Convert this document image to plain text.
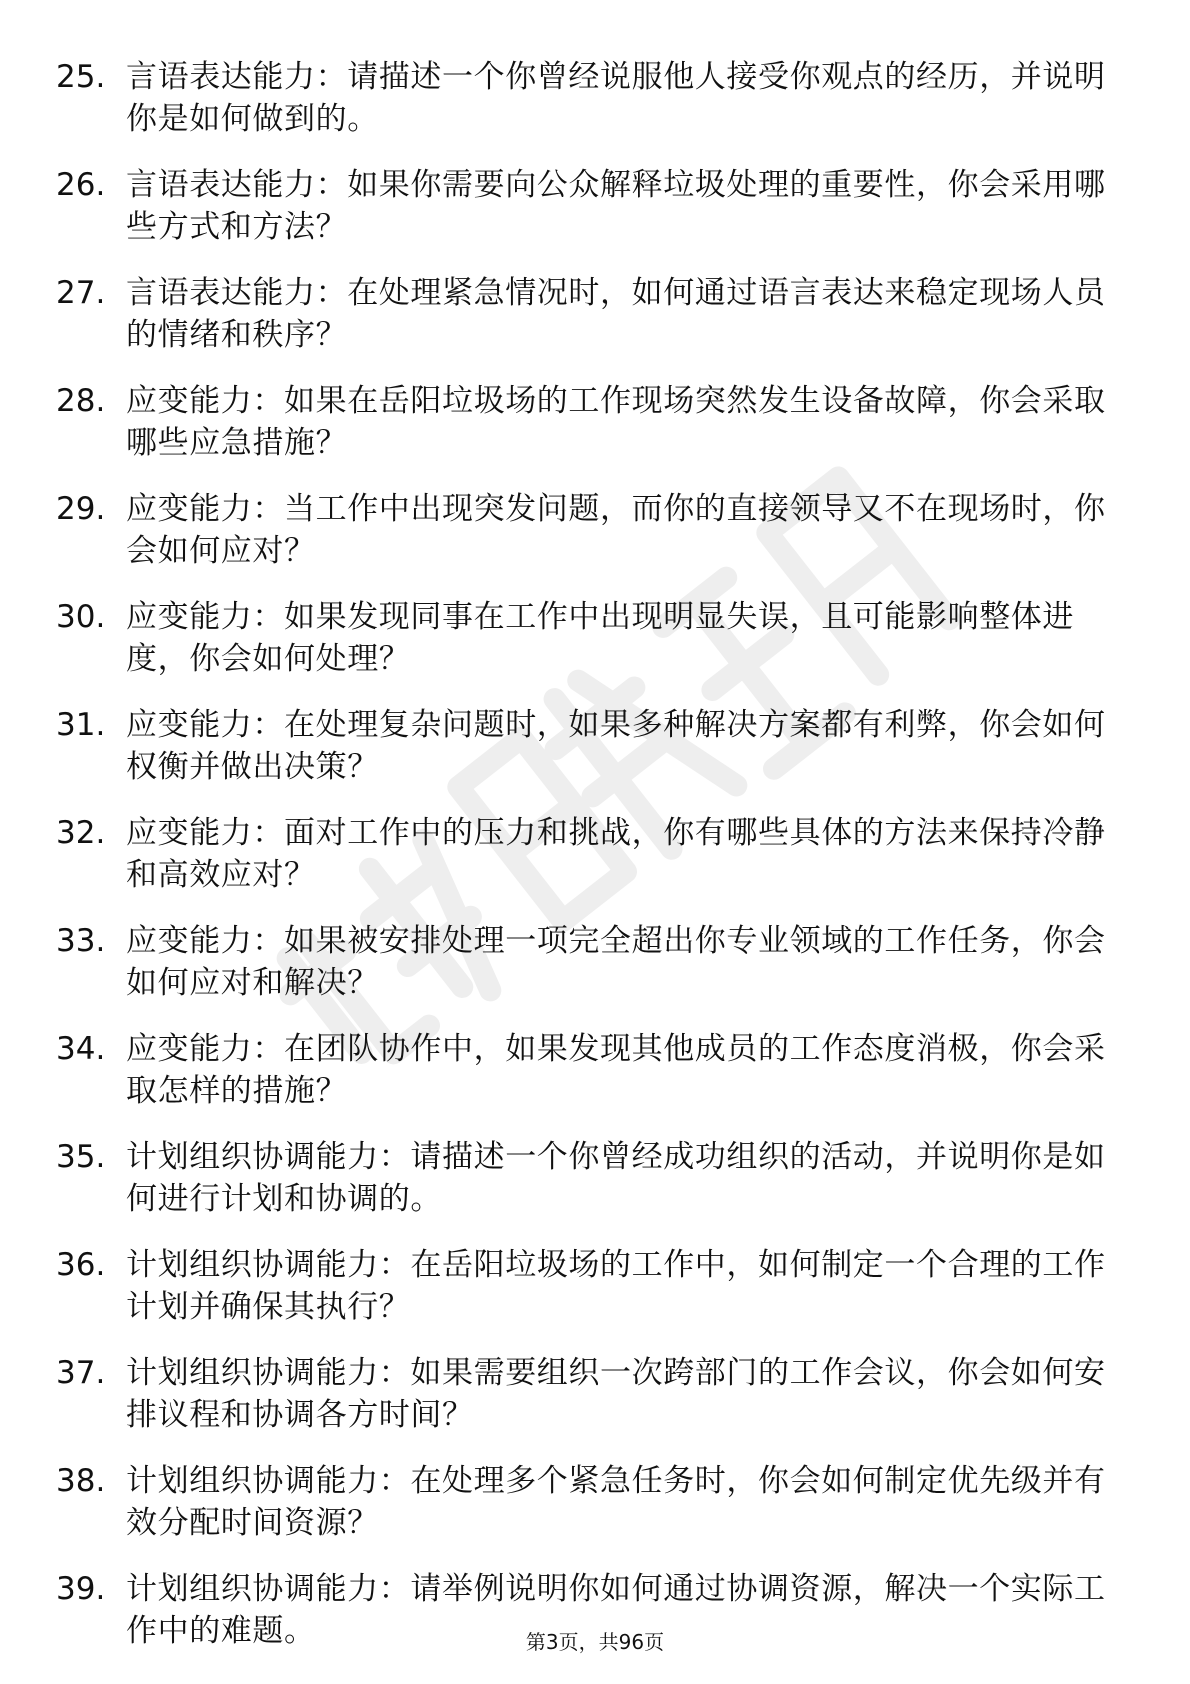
25. 言语表达能力：请描述一个你曾经说服他人接受你观点的经历，并说明你是如何做到的。
26. 言语表达能力：如果你需要向公众解释垃圾处理的重要性，你会采用哪些方式和方法？
27. 言语表达能力：在处理紧急情况时，如何通过语言表达来稳定现场人员的情绪和秩序？
28. 应变能力：如果在岳阳垃圾场的工作现场突然发生设备故障，你会采取哪些应急措施？
29. 应变能力：当工作中出现突发问题，而你的直接领导又不在现场时，你会如何应对？
30. 应变能力：如果发现同事在工作中出现明显失误，且可能影响整体进度，你会如何处理？
31. 应变能力：在处理复杂问题时，如果多种解决方案都有利弊，你会如何权衡并做出决策？
32. 应变能力：面对工作中的压力和挑战，你有哪些具体的方法来保持冷静和高效应对？
33. 应变能力：如果被安排处理一项完全超出你专业领域的工作任务，你会如何应对和解决？
34. 应变能力：在团队协作中，如果发现其他成员的工作态度消极，你会采取怎样的措施？
35. 计划组织协调能力：请描述一个你曾经成功组织的活动，并说明你是如何进行计划和协调的。
36. 计划组织协调能力：在岳阳垃圾场的工作中，如何制定一个合理的工作计划并确保其执行？
37. 计划组织协调能力：如果需要组织一次跨部门的工作会议，你会如何安排议程和协调各方时间？
38. 计划组织协调能力：在处理多个紧急任务时，你会如何制定优先级并有效分配时间资源？
39. 计划组织协调能力：请举例说明你如何通过协调资源，解决一个实际工作中的难题。	第3页，共96页
